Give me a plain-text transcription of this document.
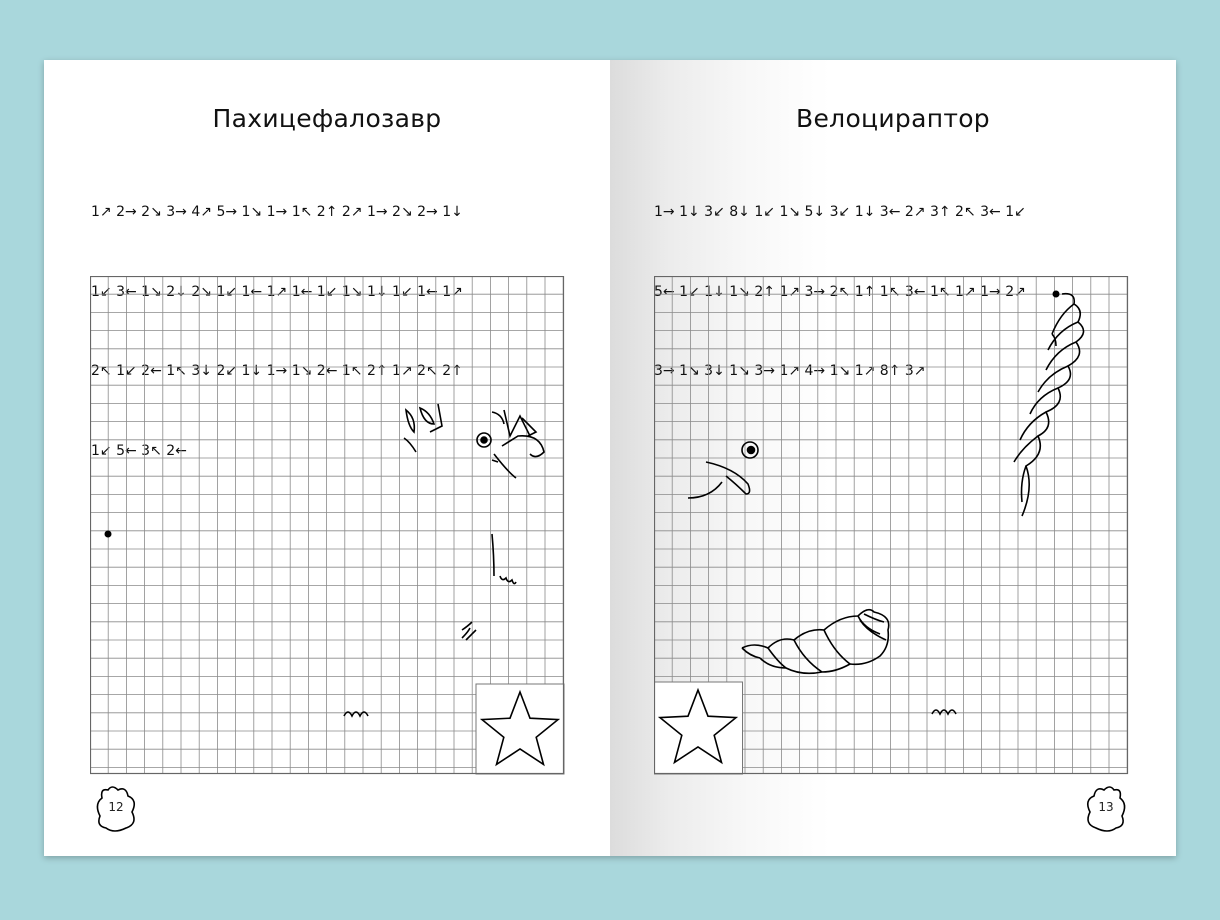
Пахицефалозавр

1↗ 2→ 2↘ 3→ 4↗ 5→ 1↘ 1→ 1↖ 2↑ 2↗ 1→ 2↘ 2→ 1↓

1↙ 3← 1↘ 2↓ 2↘ 1↙ 1← 1↗ 1← 1↙ 1↘ 1↓ 1↙ 1← 1↗

2↖ 1↙ 2← 1↖ 3↓ 2↙ 1↓ 1→ 1↘ 2← 1↖ 2↑ 1↗ 2↖ 2↑

1↙ 5← 3↖ 2←

12
Велоцираптор

1→ 1↓ 3↙ 8↓ 1↙ 1↘ 5↓ 3↙ 1↓ 3← 2↗ 3↑ 2↖ 3← 1↙

5← 1↙ 1↓ 1↘ 2↑ 1↗ 3→ 2↖ 1↑ 1↖ 3← 1↖ 1↗ 1→ 2↗

3→ 1↘ 3↓ 1↘ 3→ 1↗ 4→ 1↘ 1↗ 8↑ 3↗

13
